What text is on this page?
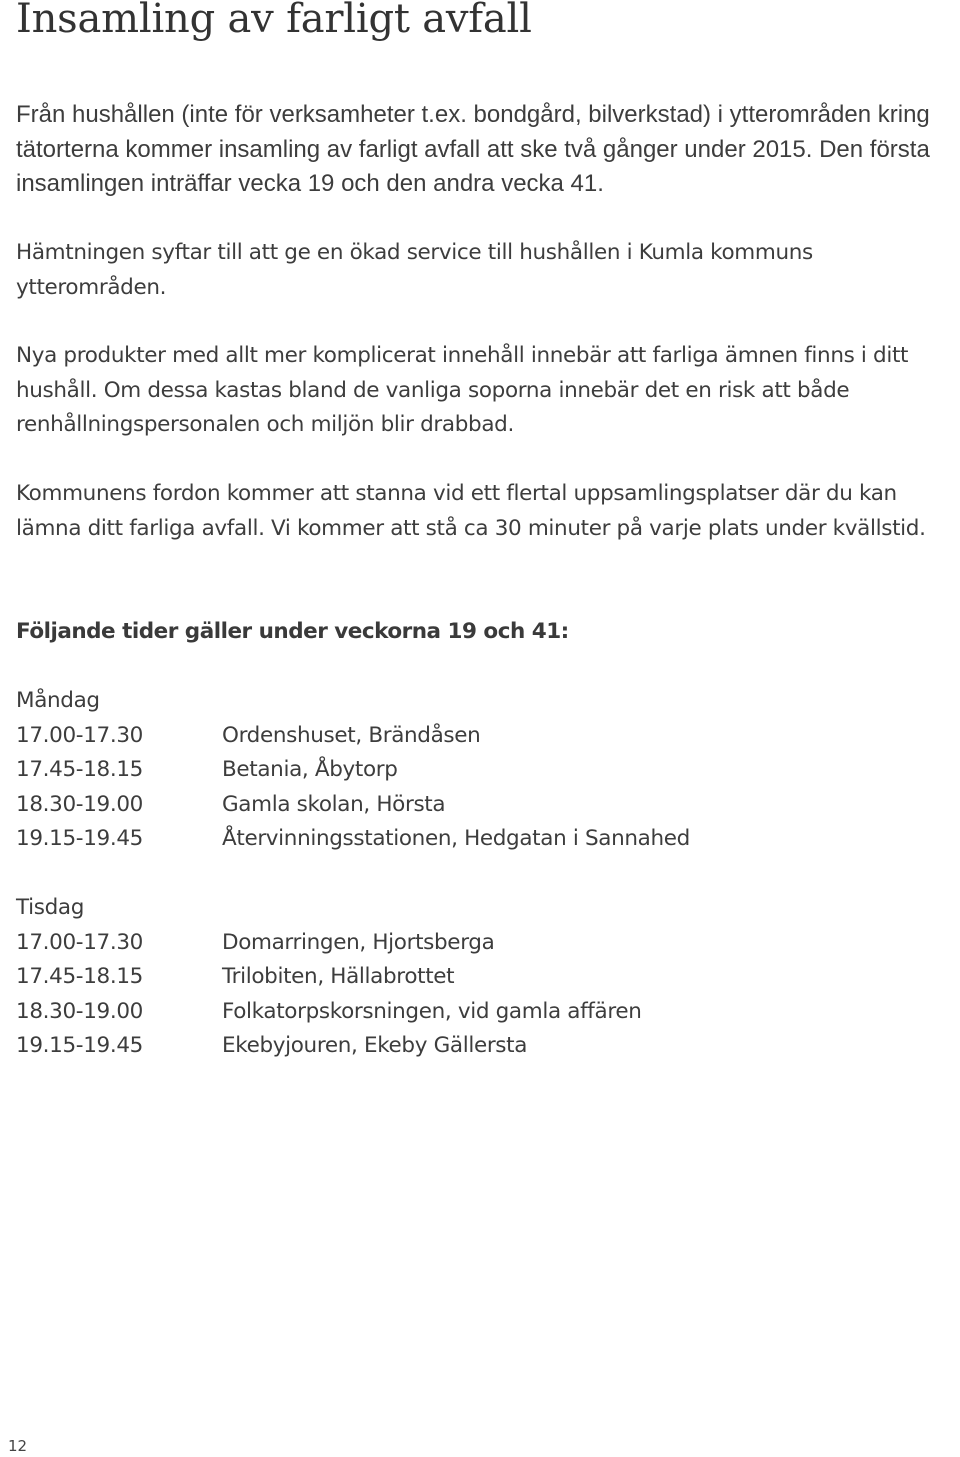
Insamling av farligt avfall

Från hushållen (inte för verksamheter t.ex. bondgård, bilverkstad) i ytterområden kring tätorterna kommer insamling av farligt avfall att ske två gånger under 2015. Den första insamlingen inträffar vecka 19 och den andra vecka 41.

Hämtningen syftar till att ge en ökad service till hushållen i Kumla kommuns ytterområden.

Nya produkter med allt mer komplicerat innehåll innebär att farliga ämnen finns i ditt hushåll. Om dessa kastas bland de vanliga soporna innebär det en risk att både renhållningspersonalen och miljön blir drabbad.

Kommunens fordon kommer att stanna vid ett flertal uppsamlingsplatser där du kan lämna ditt farliga avfall. Vi kommer att stå ca 30 minuter på varje plats under kvällstid.

Följande tider gäller under veckorna 19 och 41:

Måndag

17.00-17.30	Ordenshuset, Brändåsen
17.45-18.15	Betania, Åbytorp
18.30-19.00	Gamla skolan, Hörsta
19.15-19.45	Återvinningsstationen, Hedgatan i Sannahed

Tisdag

17.00-17.30	Domarringen, Hjortsberga
17.45-18.15	Trilobiten, Hällabrottet
18.30-19.00	Folkatorpskorsningen, vid gamla affären
19.15-19.45	Ekebyjouren, Ekeby Gällersta
12
